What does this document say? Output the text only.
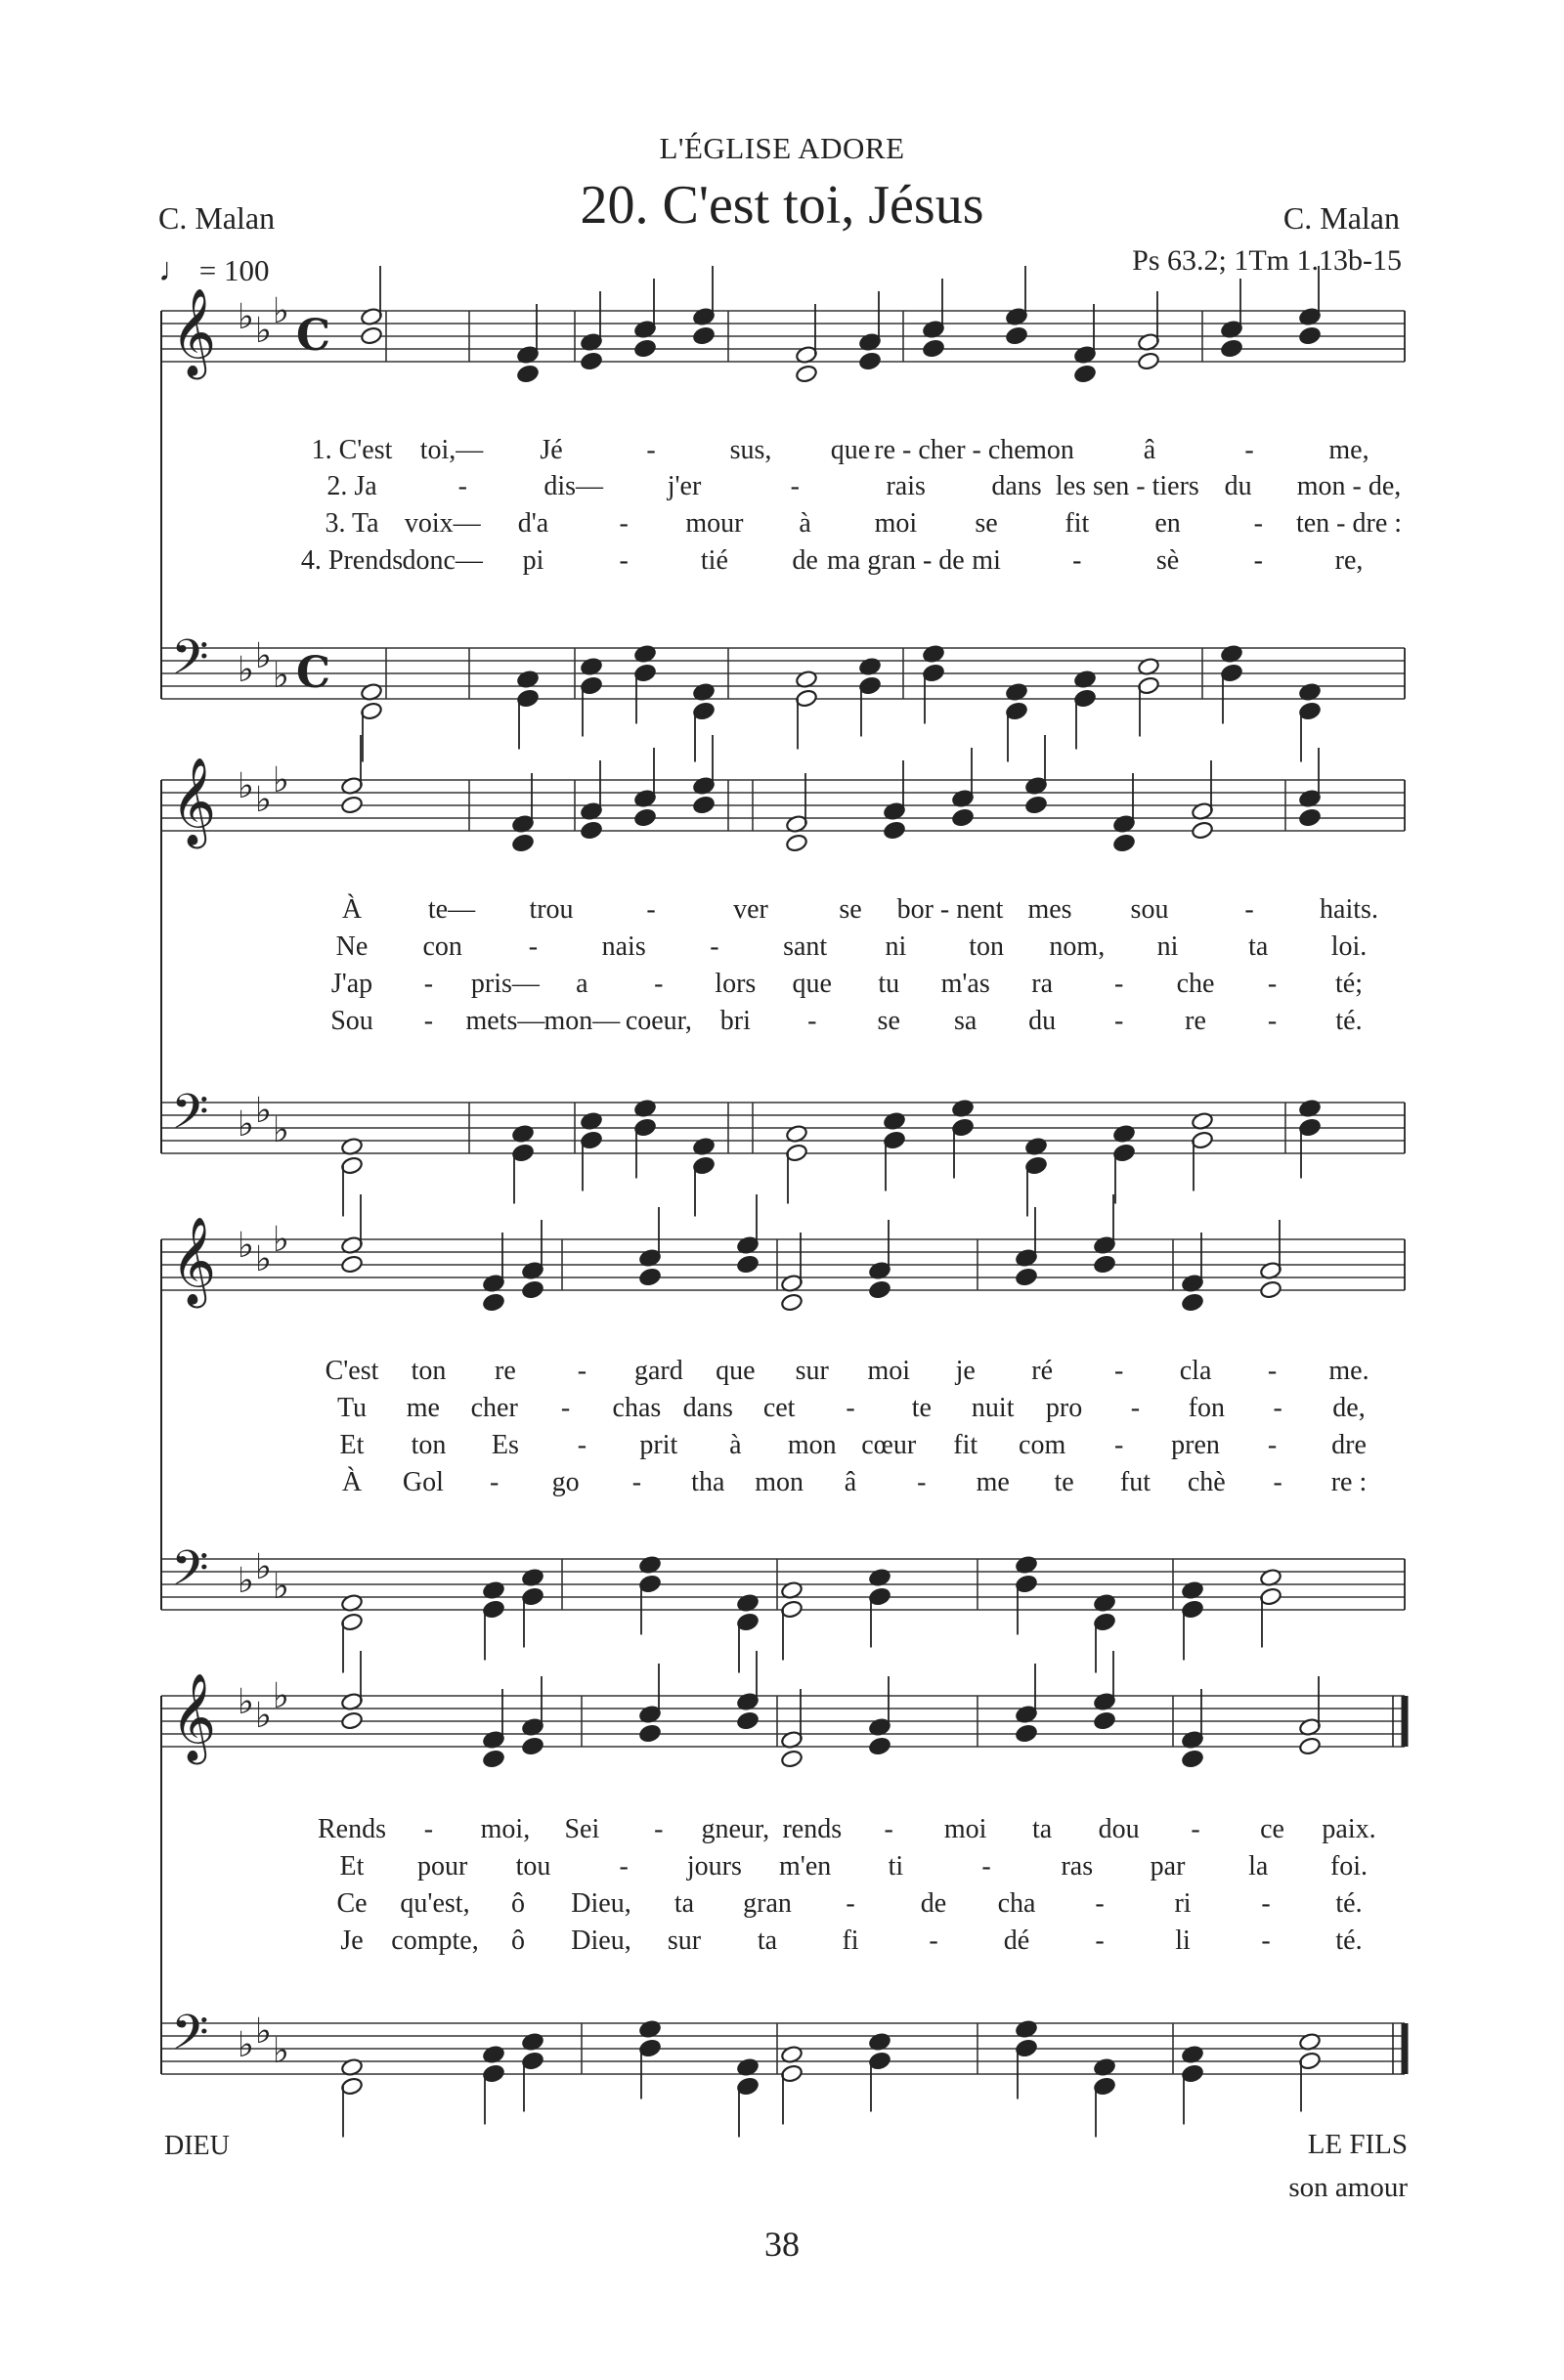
L'ÉGLISE ADORE
20. C'est toi, Jésus
C. Malan
♩ = 100
C. Malan
Ps 63.2; 1Tm 1.13b-15
𝄞 ♭ ♭ ♭ C
𝄢 ♭ ♭ ♭ C
𝄞 ♭ ♭ ♭
𝄢 ♭ ♭ ♭
𝄞 ♭ ♭ ♭
𝄢 ♭ ♭ ♭
𝄞 ♭ ♭ ♭
𝄢 ♭ ♭ ♭
1. C'est toi,— Jé	-	sus, que re - cher - che mon	â	-	me,
2. Ja	-	dis— j'er	-	rais dans les sen - tiers du mon - de,
3. Ta voix— d'a	- mour à moi se fit en	- ten - dre :
4. Prends donc— pi	-	tié de ma gran - de mi	-	sè	-	re,
À te— trou	-	ver	se bor - nent mes sou	- haits.
Ne con - nais - sant ni ton nom, ni	ta loi.
J'ap - pris— a - lors que tu m'as ra - che - té;
Sou - mets— mon— coeur, bri - se sa du - re - té.
C'est ton re - gard que sur moi je ré - cla - me.
Tu me cher - chas dans cet - te nuit pro - fon - de,
Et ton Es - prit à mon cœur fit com - pren - dre
À Gol - go - tha mon â - me te fut chè - re :
Rends - moi, Sei - gneur, rends - moi ta dou - ce paix.
Et pour tou	- jours m'en ti	-	ras par la foi.
Ce qu'est, ô Dieu, ta gran - de cha -	ri	- té.
Je compte, ô Dieu, sur ta fi	- dé -	li	- té.
DIEU	LE FILS
son amour
38
